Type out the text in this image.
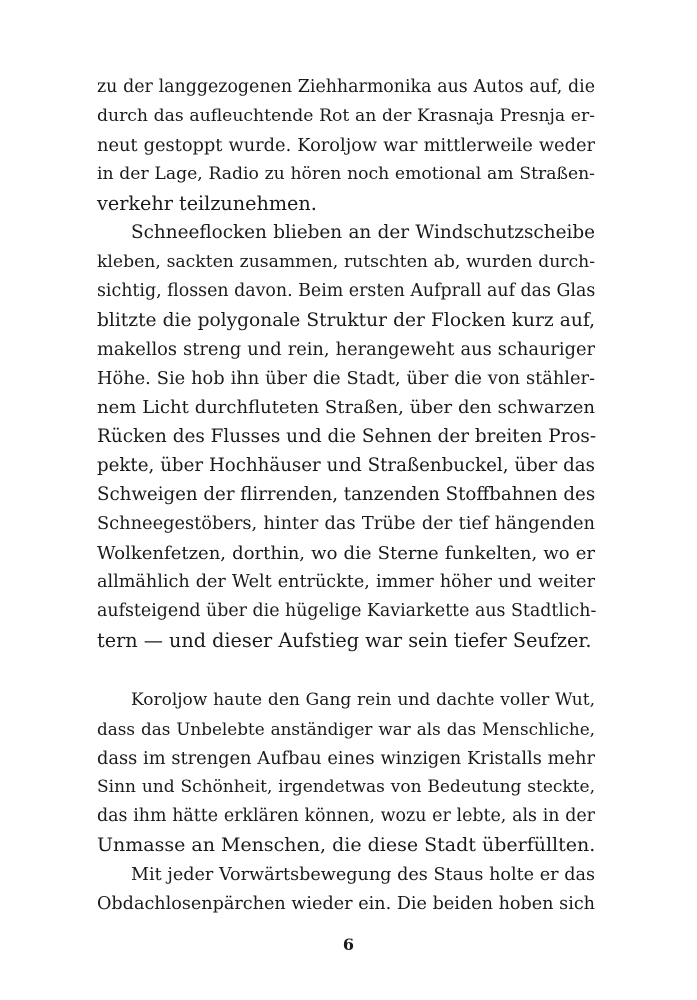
zu der langgezogenen Ziehharmonika aus Autos auf, die
durch das aufleuchtende Rot an der Krasnaja Presnja er-
neut gestoppt wurde. Koroljow war mittlerweile weder
in der Lage, Radio zu hören noch emotional am Straßen-
verkehr teilzunehmen.
Schneeflocken blieben an der Windschutzscheibe
kleben, sackten zusammen, rutschten ab, wurden durch-
sichtig, flossen davon. Beim ersten Aufprall auf das Glas
blitzte die polygonale Struktur der Flocken kurz auf,
makellos streng und rein, herangeweht aus schauriger
Höhe. Sie hob ihn über die Stadt, über die von stähler-
nem Licht durchfluteten Straßen, über den schwarzen
Rücken des Flusses und die Sehnen der breiten Pros-
pekte, über Hochhäuser und Straßenbuckel, über das
Schweigen der flirrenden, tanzenden Stoffbahnen des
Schneegestöbers, hinter das Trübe der tief hängenden
Wolkenfetzen, dorthin, wo die Sterne funkelten, wo er
allmählich der Welt entrückte, immer höher und weiter
aufsteigend über die hügelige Kaviarkette aus Stadtlich-
tern — und dieser Aufstieg war sein tiefer Seufzer.
Koroljow haute den Gang rein und dachte voller Wut,
dass das Unbelebte anständiger war als das Menschliche,
dass im strengen Aufbau eines winzigen Kristalls mehr
Sinn und Schönheit, irgendetwas von Bedeutung steckte,
das ihm hätte erklären können, wozu er lebte, als in der
Unmasse an Menschen, die diese Stadt überfüllten.
Mit jeder Vorwärtsbewegung des Staus holte er das
Obdachlosenpärchen wieder ein. Die beiden hoben sich
6
